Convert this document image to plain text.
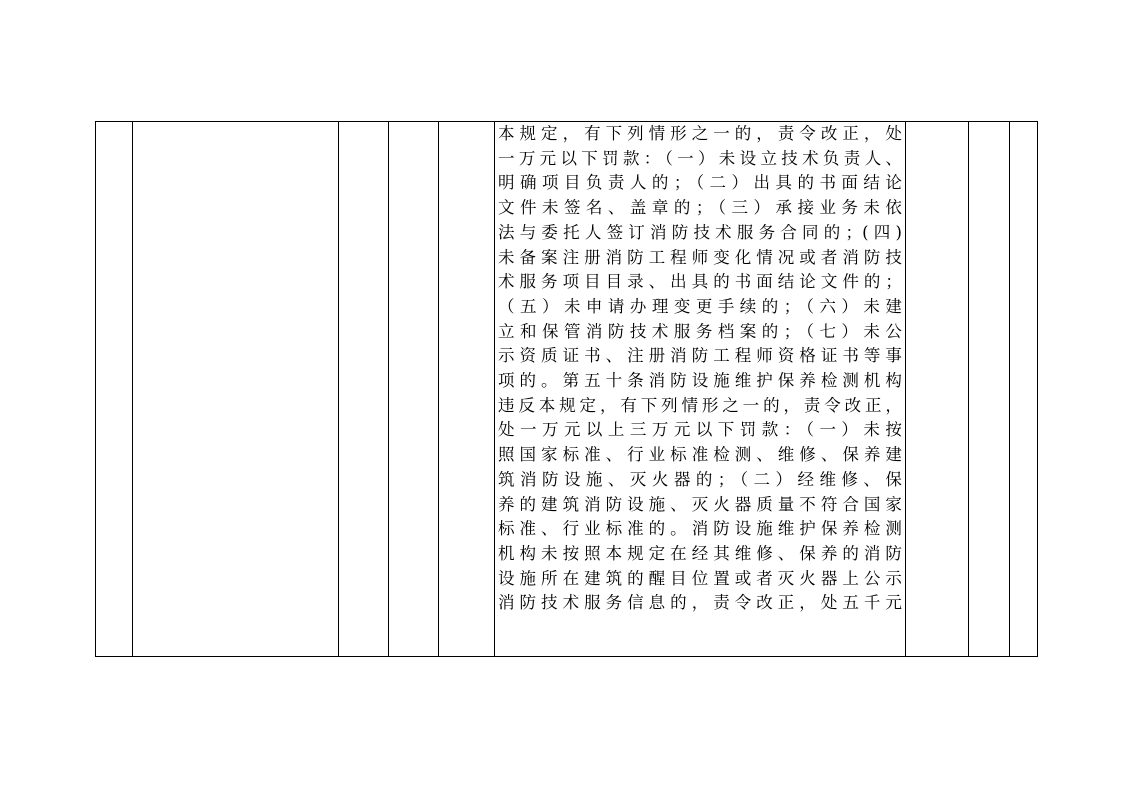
本规定，有下列情形之一的，责令改正，处
一万元以下罚款：（一）未设立技术负责人、
明确项目负责人的；（二）出具的书面结论
文件未签名、盖章的；（三）承接业务未依
法与委托人签订消防技术服务合同的；(四)
未备案注册消防工程师变化情况或者消防技
术服务项目目录、出具的书面结论文件的；
（五）未申请办理变更手续的；（六）未建
立和保管消防技术服务档案的；（七）未公
示资质证书、注册消防工程师资格证书等事
项的。第五十条消防设施维护保养检测机构
违反本规定，有下列情形之一的，责令改正，
处一万元以上三万元以下罚款：（一）未按
照国家标准、行业标准检测、维修、保养建
筑消防设施、灭火器的；（二）经维修、保
养的建筑消防设施、灭火器质量不符合国家
标准、行业标准的。消防设施维护保养检测
机构未按照本规定在经其维修、保养的消防
设施所在建筑的醒目位置或者灭火器上公示
消防技术服务信息的，责令改正，处五千元
